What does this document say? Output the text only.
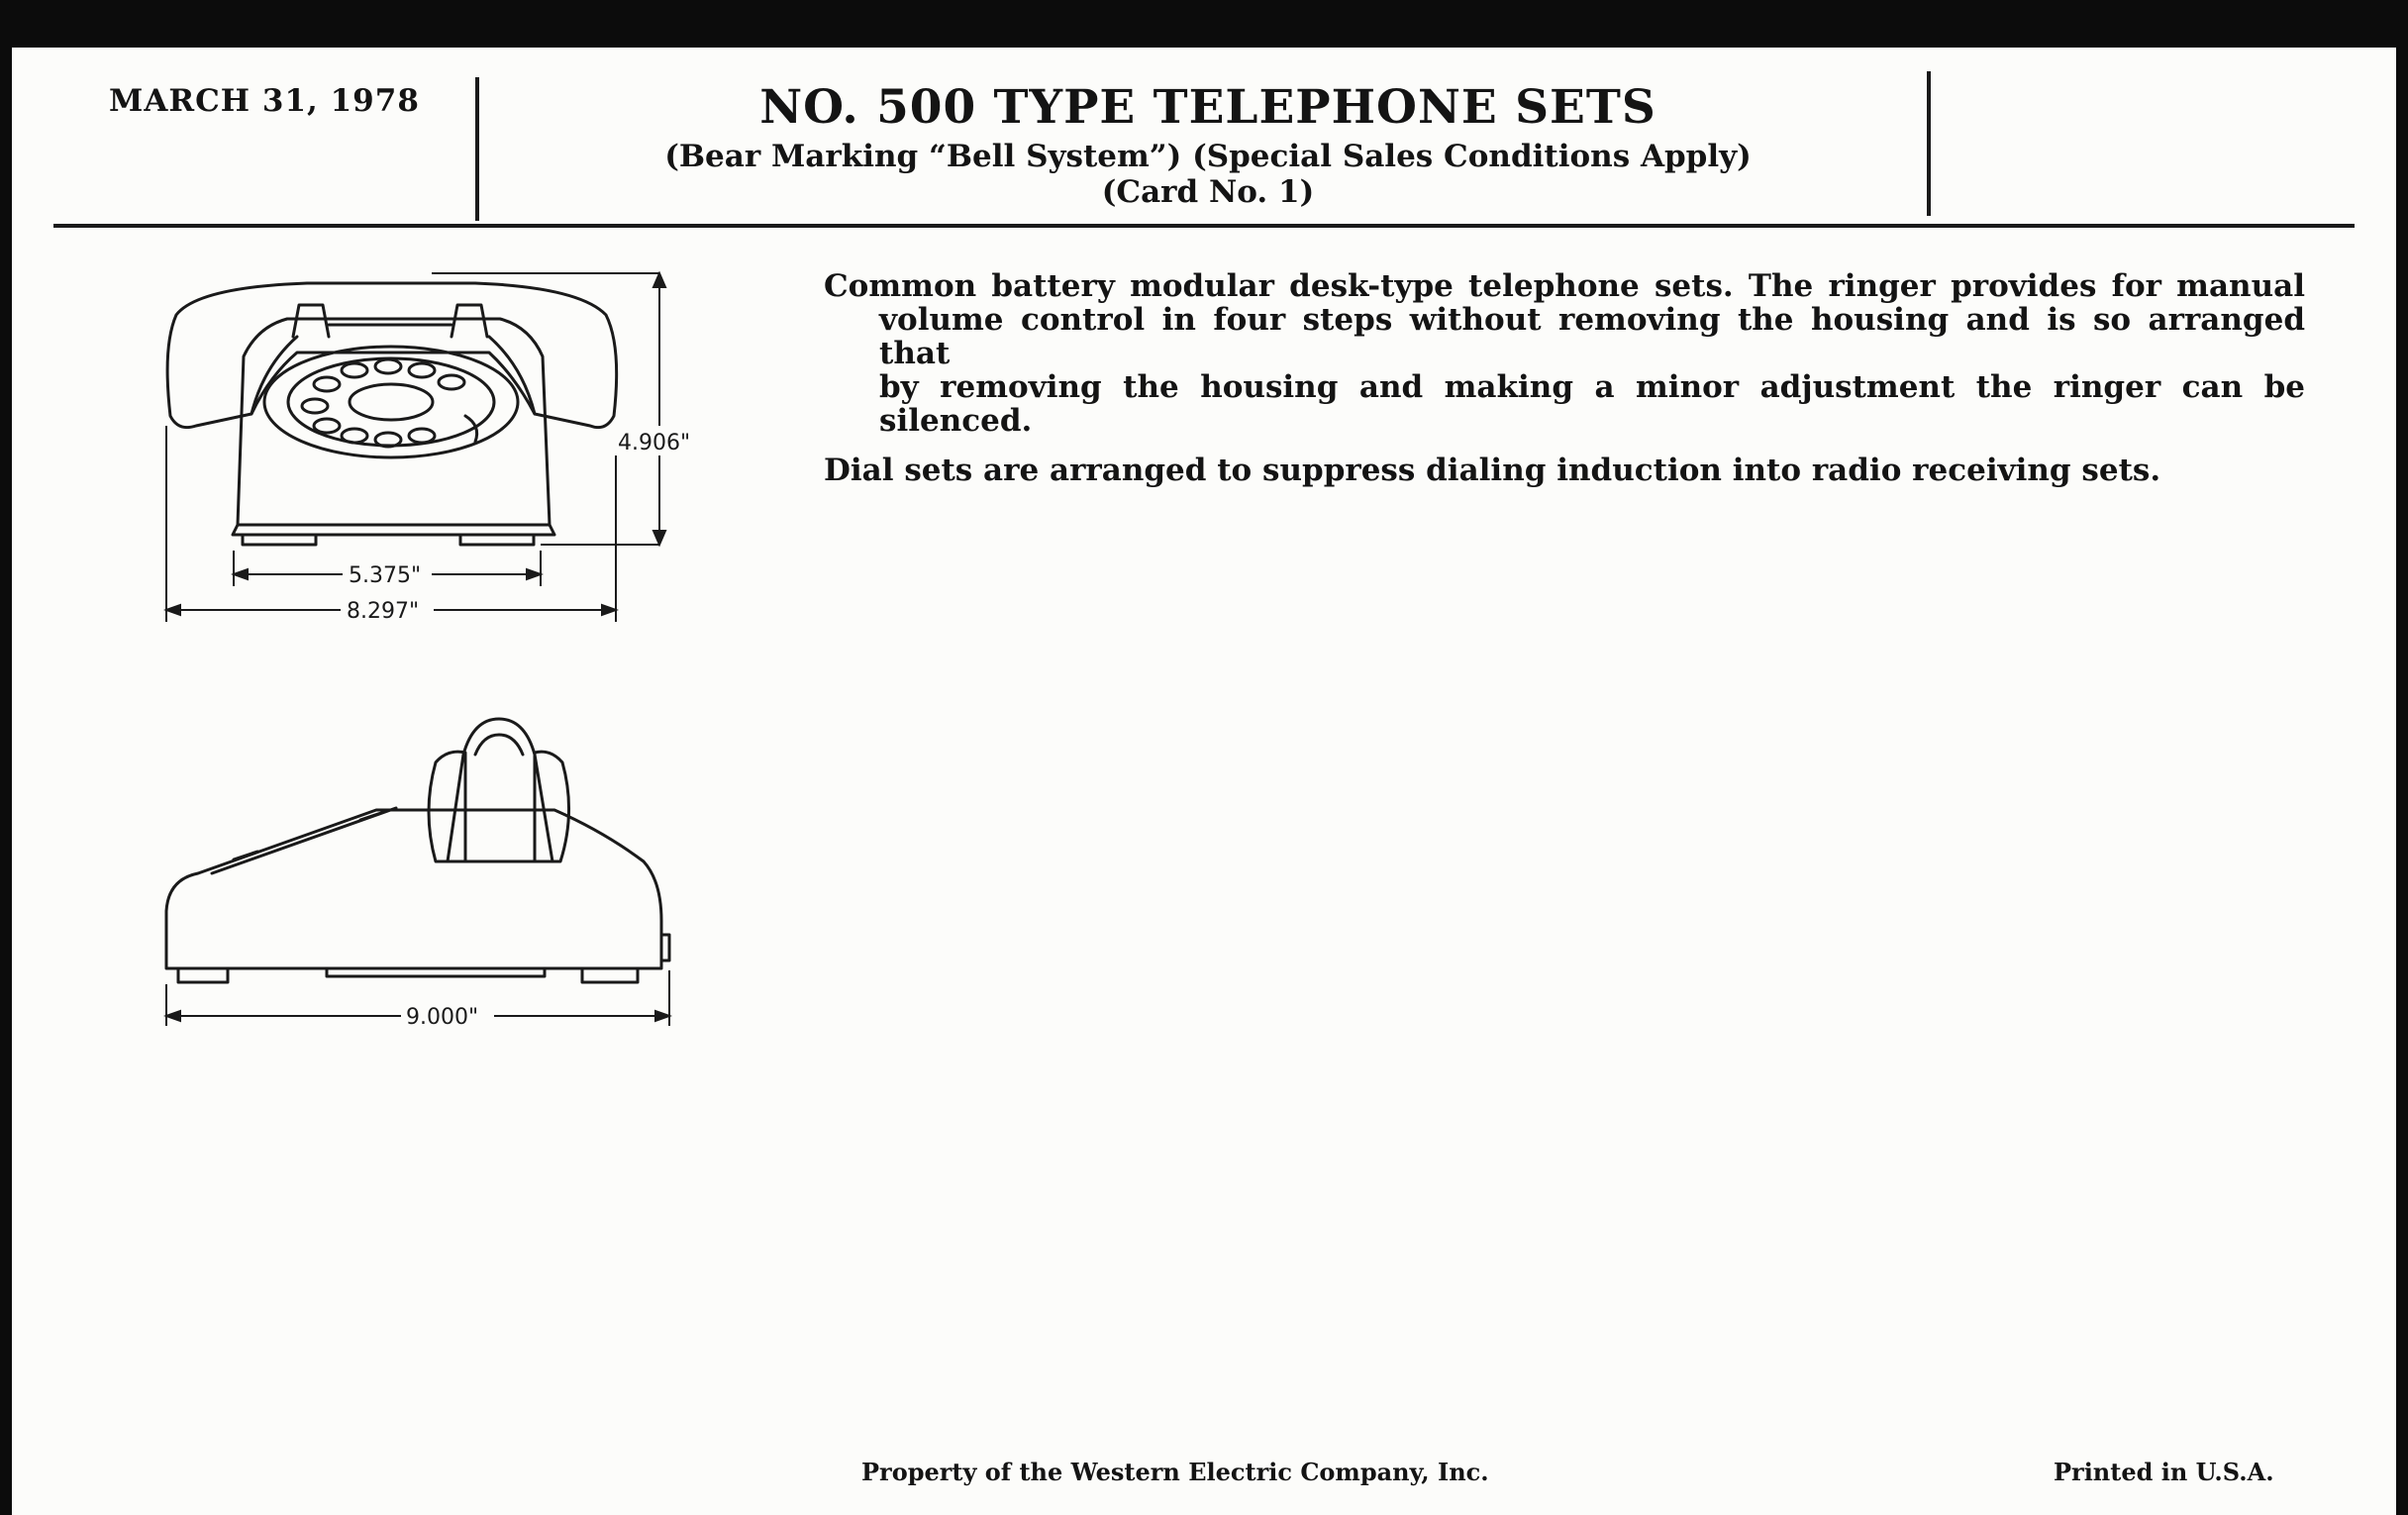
MARCH 31, 1978	NO. 500 TYPE TELEPHONE SETS
(Bear Marking “Bell System”) (Special Sales Conditions Apply)
(Card No. 1)
Common battery modular desk-type telephone sets. The ringer provides for manual
volume control in four steps without removing the housing and is so arranged that
by removing the housing and making a minor adjustment the ringer can be silenced.
Dial sets are arranged to suppress dialing induction into radio receiving sets.
4.906"
5.375"
8.297"
9.000"
Property of the Western Electric Company, Inc.	Printed in U.S.A.
